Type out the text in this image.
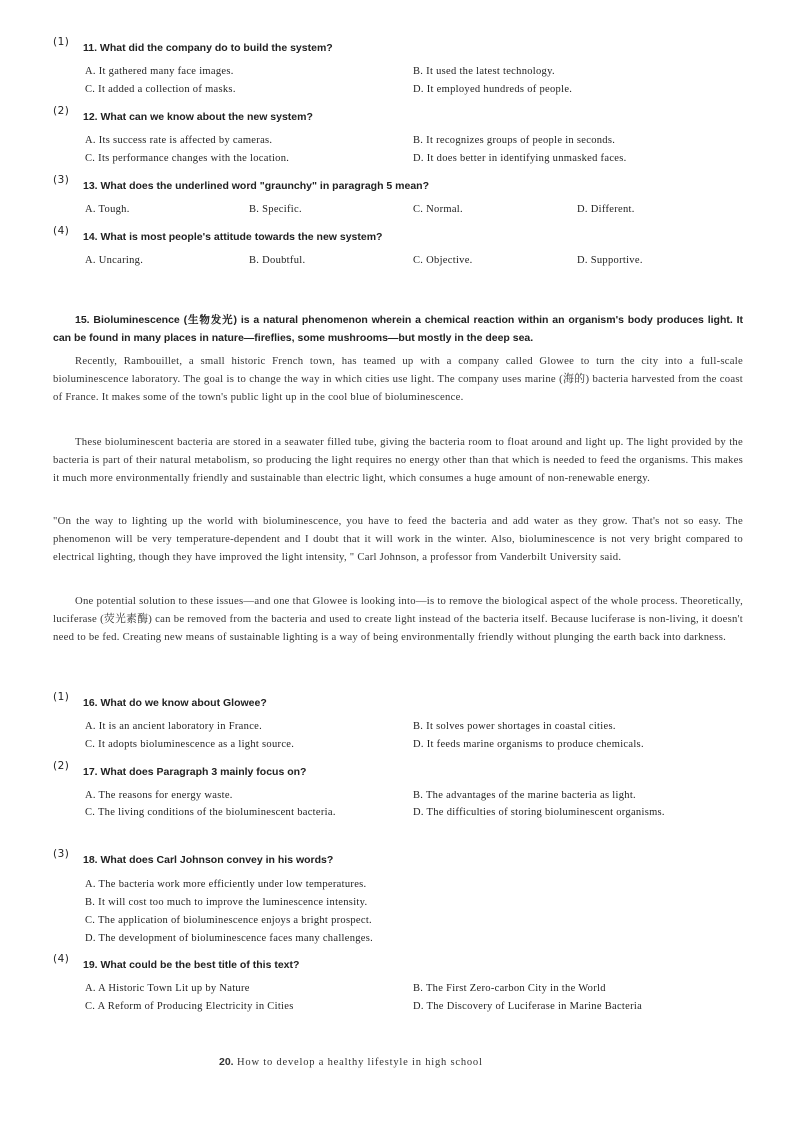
(1) 11. What did the company do to build the system?
A. It gathered many face images.	B. It used the latest technology.
C. It added a collection of masks.	D. It employed hundreds of people.
(2) 12. What can we know about the new system?
A. Its success rate is affected by cameras.	B. It recognizes groups of people in seconds.
C. Its performance changes with the location.	D. It does better in identifying unmasked faces.
(3) 13. What does the underlined word "graunchy" in paragragh 5 mean?
A. Tough.	B. Specific.	C. Normal.	D. Different.
(4) 14. What is most people's attitude towards the new system?
A. Uncaring.	B. Doubtful.	C. Objective.	D. Supportive.
15. Bioluminescence (生物发光) is a natural phenomenon wherein a chemical reaction within an organism's body produces light. It can be found in many places in nature—fireflies, some mushrooms—but mostly in the deep sea.
Recently, Rambouillet, a small historic French town, has teamed up with a company called Glowee to turn the city into a full-scale bioluminescence laboratory. The goal is to change the way in which cities use light. The company uses marine (海的) bacteria harvested from the coast of France. It makes some of the town's public light up in the cool blue of bioluminescence.
These bioluminescent bacteria are stored in a seawater filled tube, giving the bacteria room to float around and light up. The light provided by the bacteria is part of their natural metabolism, so producing the light requires no energy other than that which is needed to feed the organisms. This makes it much more environmentally friendly and sustainable than electric light, which consumes a huge amount of non-renewable energy.
"On the way to lighting up the world with bioluminescence, you have to feed the bacteria and add water as they grow. That's not so easy. The phenomenon will be very temperature-dependent and I doubt that it will work in the winter. Also, bioluminescence is not very bright compared to electrical lighting, though they have improved the light intensity, " Carl Johnson, a professor from Vanderbilt University said.
One potential solution to these issues—and one that Glowee is looking into—is to remove the biological aspect of the whole process. Theoretically, luciferase (荧光素酶) can be removed from the bacteria and used to create light instead of the bacteria itself. Because luciferase is non-living, it doesn't need to be fed. Creating new means of sustainable lighting is a way of being environmentally friendly without plunging the earth back into darkness.
(1) 16. What do we know about Glowee?
A. It is an ancient laboratory in France.	B. It solves power shortages in coastal cities.
C. It adopts bioluminescence as a light source.	D. It feeds marine organisms to produce chemicals.
(2) 17. What does Paragraph 3 mainly focus on?
A. The reasons for energy waste.	B. The advantages of the marine bacteria as light.
C. The living conditions of the bioluminescent bacteria.	D. The difficulties of storing bioluminescent organisms.
(3) 18. What does Carl Johnson convey in his words?
A. The bacteria work more efficiently under low temperatures.
B. It will cost too much to improve the luminescence intensity.
C. The application of bioluminescence enjoys a bright prospect.
D. The development of bioluminescence faces many challenges.
(4) 19. What could be the best title of this text?
A. A Historic Town Lit up by Nature	B. The First Zero-carbon City in the World
C. A Reform of Producing Electricity in Cities	D. The Discovery of Luciferase in Marine Bacteria
20. How to develop a healthy lifestyle in high school
